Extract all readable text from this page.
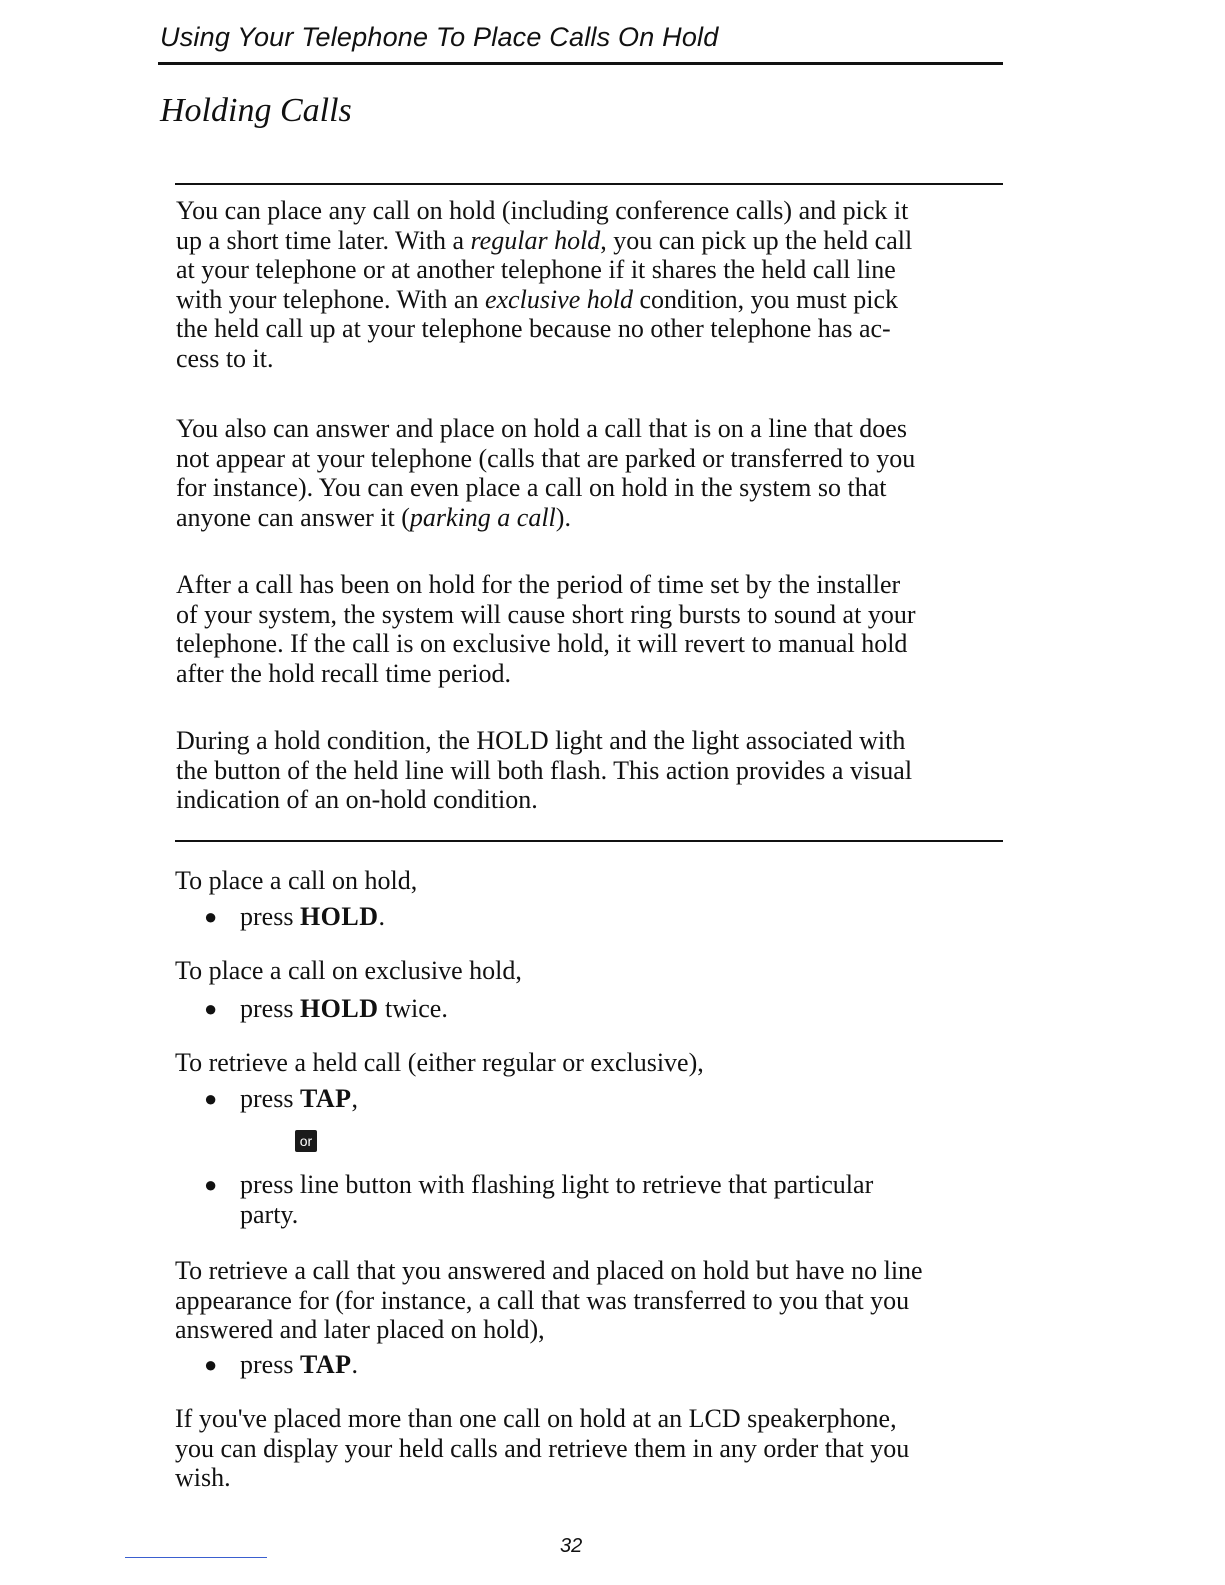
Using Your Telephone To Place Calls On Hold
Holding Calls

You can place any call on hold (including conference calls) and pick it
up a short time later. With a regular hold, you can pick up the held call
at your telephone or at another telephone if it shares the held call line
with your telephone. With an exclusive hold condition, you must pick
the held call up at your telephone because no other telephone has ac-
cess to it.

You also can answer and place on hold a call that is on a line that does
not appear at your telephone (calls that are parked or transferred to you
for instance). You can even place a call on hold in the system so that
anyone can answer it (parking a call).

After a call has been on hold for the period of time set by the installer
of your system, the system will cause short ring bursts to sound at your
telephone. If the call is on exclusive hold, it will revert to manual hold
after the hold recall time period.

During a hold condition, the HOLD light and the light associated with
the button of the held line will both flash. This action provides a visual
indication of an on-hold condition.

To place a call on hold,

● press HOLD.

To place a call on exclusive hold,

● press HOLD twice.

To retrieve a held call (either regular or exclusive),

● press TAP,

or

● press line button with flashing light to retrieve that particular
party.

To retrieve a call that you answered and placed on hold but have no line
appearance for (for instance, a call that was transferred to you that you
answered and later placed on hold),

● press TAP.

If you've placed more than one call on hold at an LCD speakerphone,
you can display your held calls and retrieve them in any order that you
wish.

32
